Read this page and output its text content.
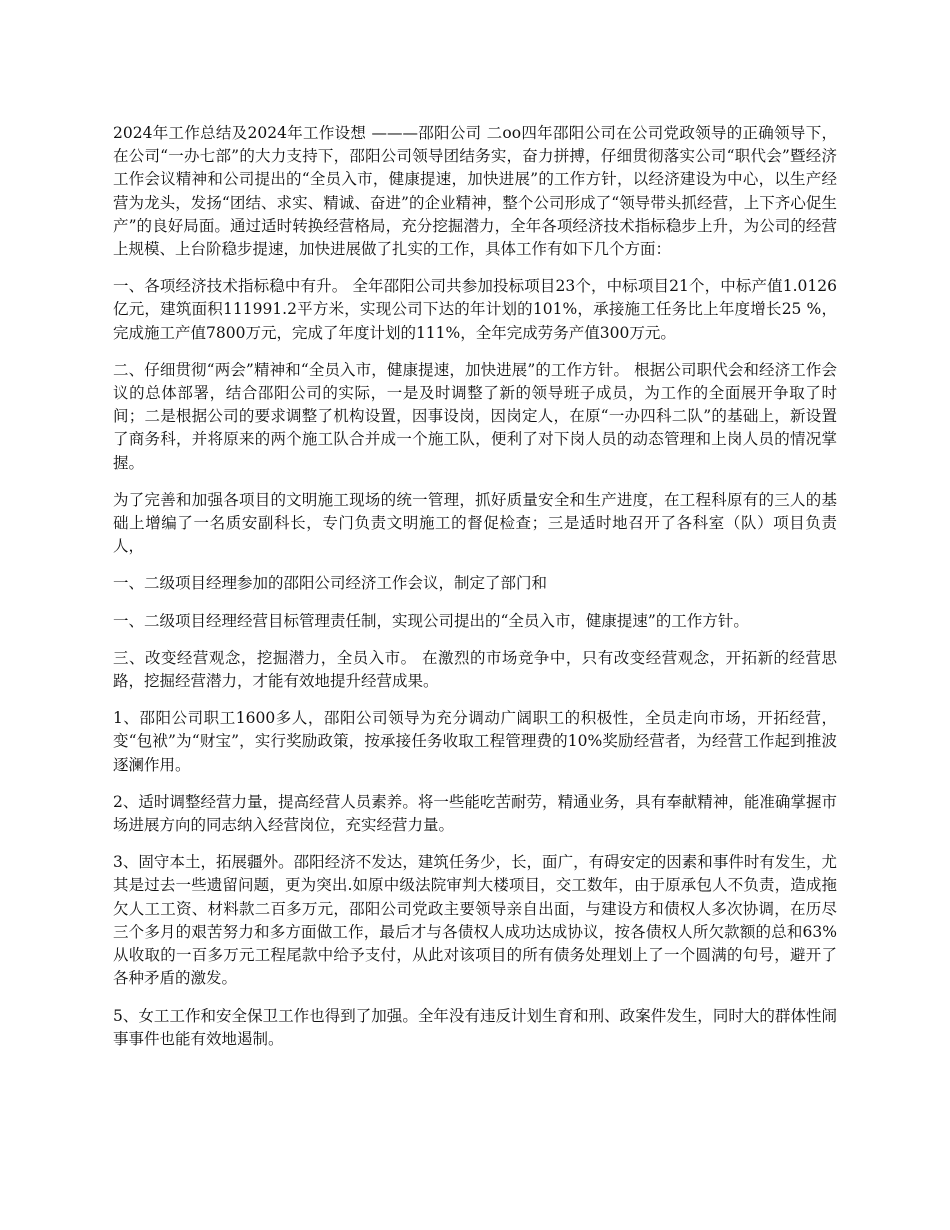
2024年工作总结及2024年工作设想 ———邵阳公司 二oo四年邵阳公司在公司党政领导的正确领导下，在公司“一办七部”的大力支持下，邵阳公司领导团结务实，奋力拼搏，仔细贯彻落实公司“职代会”暨经济工作会议精神和公司提出的“全员入市，健康提速，加快进展”的工作方针，以经济建设为中心，以生产经营为龙头，发扬“团结、求实、精诚、奋进”的企业精神，整个公司形成了“领导带头抓经营，上下齐心促生产”的良好局面。通过适时转换经营格局，充分挖掘潜力，全年各项经济技术指标稳步上升，为公司的经营上规模、上台阶稳步提速，加快进展做了扎实的工作，具体工作有如下几个方面：

一、各项经济技术指标稳中有升。 全年邵阳公司共参加投标项目23个，中标项目21个，中标产值1.0126亿元，建筑面积111991.2平方米，实现公司下达的年计划的101%，承接施工任务比上年度增长25 %，完成施工产值7800万元，完成了年度计划的111%，全年完成劳务产值300万元。

二、仔细贯彻“两会”精神和“全员入市，健康提速，加快进展”的工作方针。 根据公司职代会和经济工作会议的总体部署，结合邵阳公司的实际，一是及时调整了新的领导班子成员，为工作的全面展开争取了时间；二是根据公司的要求调整了机构设置，因事设岗，因岗定人，在原“一办四科二队”的基础上，新设置了商务科，并将原来的两个施工队合并成一个施工队，便利了对下岗人员的动态管理和上岗人员的情况掌握。

为了完善和加强各项目的文明施工现场的统一管理，抓好质量安全和生产进度，在工程科原有的三人的基础上增编了一名质安副科长，专门负责文明施工的督促检查；三是适时地召开了各科室（队）项目负责人，

一、二级项目经理参加的邵阳公司经济工作会议，制定了部门和

一、二级项目经理经营目标管理责任制，实现公司提出的“全员入市，健康提速”的工作方针。

三、改变经营观念，挖掘潜力，全员入市。 在激烈的市场竞争中，只有改变经营观念，开拓新的经营思路，挖掘经营潜力，才能有效地提升经营成果。

1、邵阳公司职工1600多人，邵阳公司领导为充分调动广阔职工的积极性，全员走向市场，开拓经营，变“包袱”为“财宝”，实行奖励政策，按承接任务收取工程管理费的10%奖励经营者，为经营工作起到推波逐澜作用。

2、适时调整经营力量，提高经营人员素养。将一些能吃苦耐劳，精通业务，具有奉献精神，能准确掌握市场进展方向的同志纳入经营岗位，充实经营力量。

3、固守本土，拓展疆外。邵阳经济不发达，建筑任务少，长，面广，有碍安定的因素和事件时有发生，尤其是过去一些遗留问题，更为突出.如原中级法院审判大楼项目，交工数年，由于原承包人不负责，造成拖欠人工工资、材料款二百多万元，邵阳公司党政主要领导亲自出面，与建设方和债权人多次协调，在历尽三个多月的艰苦努力和多方面做工作，最后才与各债权人成功达成协议，按各债权人所欠款额的总和63%从收取的一百多万元工程尾款中给予支付，从此对该项目的所有债务处理划上了一个圆满的句号，避开了各种矛盾的激发。

5、女工工作和安全保卫工作也得到了加强。全年没有违反计划生育和刑、政案件发生，同时大的群体性闹事事件也能有效地遏制。
